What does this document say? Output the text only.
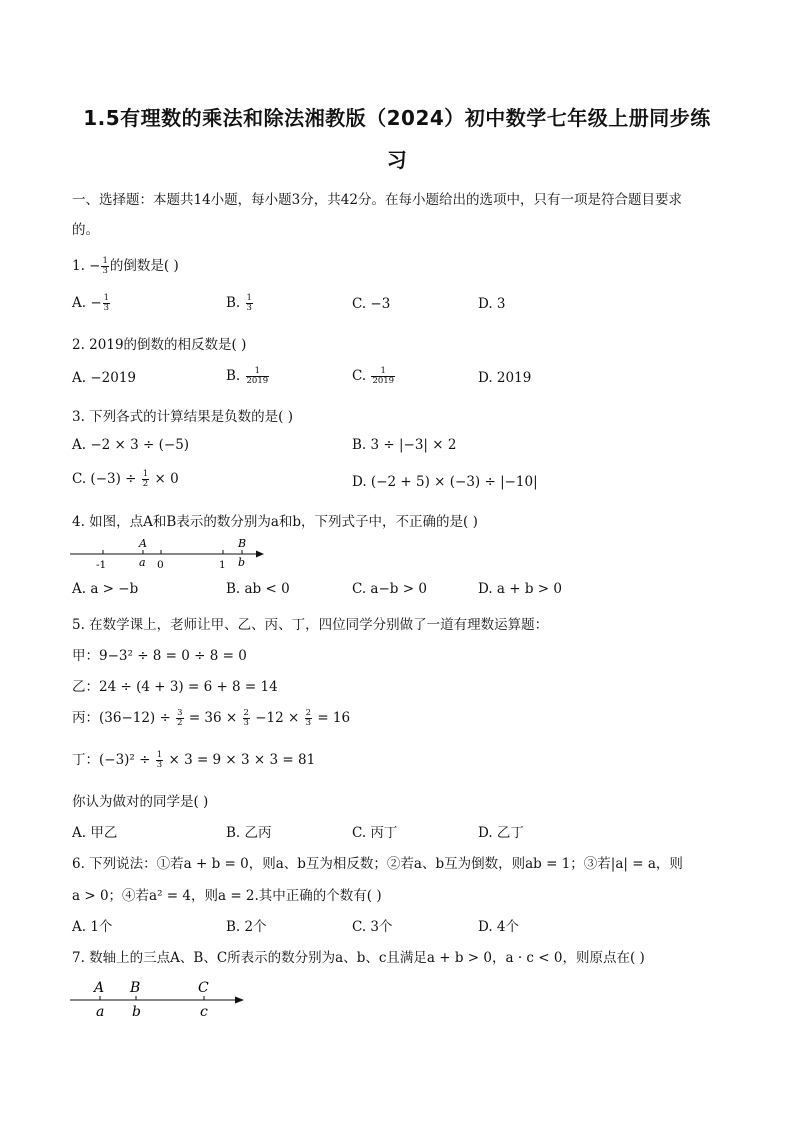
1.5有理数的乘法和除法湘教版（2024）初中数学七年级上册同步练
习
一、选择题：本题共14小题，每小题3分，共42分。在每小题给出的选项中，只有一项是符合题目要求
的。
1. − $\frac{1}{3}$ 的倒数是( )
A. − $\frac{1}{3}$	B. $\frac{1}{3}$	C. −3	D. 3
2. 2019的倒数的相反数是( )
A. −2019	B. $\frac{1}{2019}$	C. $\frac{1}{2019}$	D. 2019
3. 下列各式的计算结果是负数的是( )
A. −2 × 3 ÷ (−5)	B. 3 ÷ |−3| × 2
C. $(-3) \div \frac{1}{2} \times 0$	D. (−2 + 5) × (−3) ÷ |−10|
4. 如图，点A和B表示的数分别为a和b，下列式子中，不正确的是( )
A	B
-1	a 0	1 b
A. a > −b	B. ab < 0	C. a−b > 0	D. a + b > 0
5. 在数学课上，老师让甲、乙、丙、丁，四位同学分别做了一道有理数运算题：
甲：9−3² ÷ 8 = 0 ÷ 8 = 0
乙：24 ÷ (4 + 3) = 6 + 8 = 14
丙：$(36-12) \div \frac{3}{2} = 36 \times \frac{2}{3} -12 \times \frac{2}{3} = 16$
丁：$(-3)^2 \div \frac{1}{3} \times 3 = 9 \times 3 \times 3 = 81$
你认为做对的同学是( )
A. 甲乙	B. 乙丙	C. 丙丁	D. 乙丁
6. 下列说法：①若a + b = 0，则a、b互为相反数；②若a、b互为倒数，则ab = 1；③若|a| = a，则
a > 0；④若a² = 4，则a = 2.其中正确的个数有( )
A. 1个	B. 2个	C. 3个	D. 4个
7. 数轴上的三点A、B、C所表示的数分别为a、b、c且满足a + b > 0，a · c < 0，则原点在( )
A B	C
a b	c
